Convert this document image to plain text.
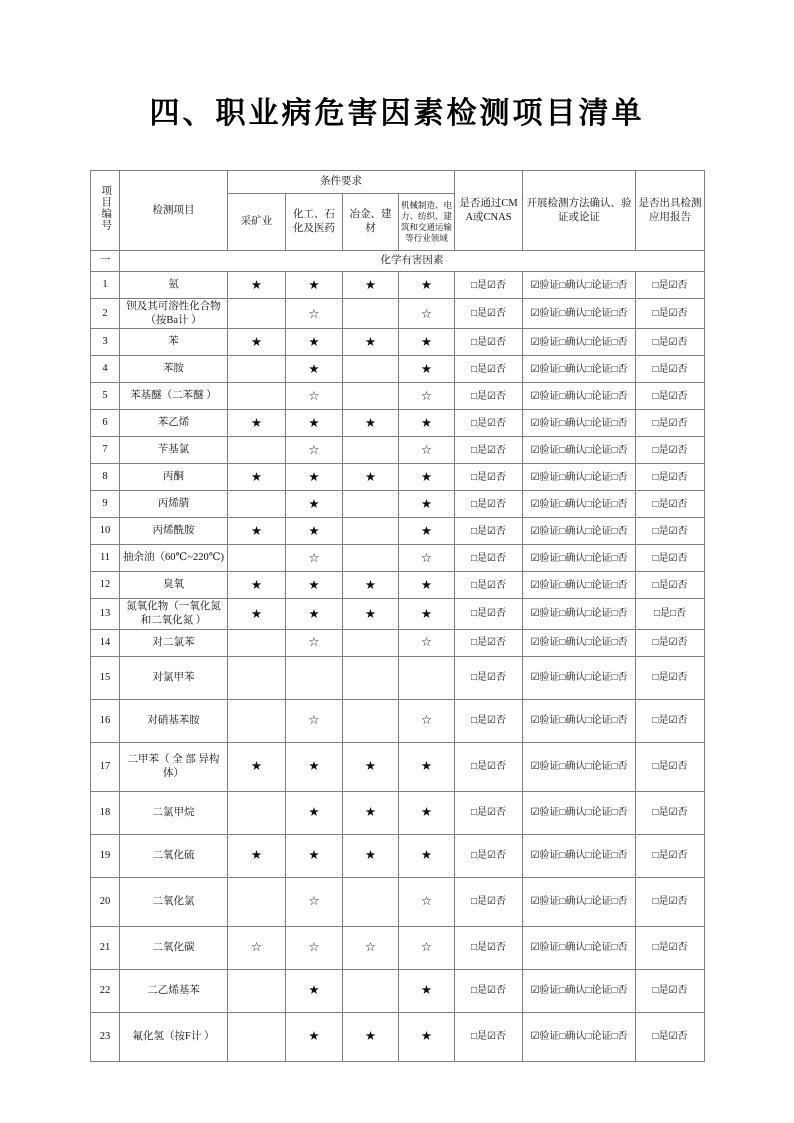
四、职业病危害因素检测项目清单
项目编号	检测项目	条件要求				是否通过CMA或CNAS	开展检测方法确认、验证或论证	是否出具检测应用报告
		采矿业	化工、石化及医药	冶金、建材	机械制造、电力、纺织、建筑和交通运输等行业领域			
一	化学有害因素							
1	氨	★	★	★	★	□是☑否	☑验证□确认□论证□否	□是☑否
2	钡及其可溶性化合物（按Ba计 ）		☆		☆	□是☑否	☑验证□确认□论证□否	□是☑否
3	苯	★	★	★	★	□是☑否	☑验证□确认□论证□否	□是☑否
4	苯胺		★		★	□是☑否	☑验证□确认□论证□否	□是☑否
5	苯基醚（二苯醚 ）		☆		☆	□是☑否	☑验证□确认□论证□否	□是☑否
6	苯乙烯	★	★	★	★	□是☑否	☑验证□确认□论证□否	□是☑否
7	苄基氯		☆		☆	□是☑否	☑验证□确认□论证□否	□是☑否
8	丙酮	★	★	★	★	□是☑否	☑验证□确认□论证□否	□是☑否
9	丙烯腈		★		★	□是☑否	☑验证□确认□论证□否	□是☑否
10	丙烯酰胺	★	★		★	□是☑否	☑验证□确认□论证□否	□是☑否
11	抽余油（60℃~220℃)		☆		☆	□是☑否	☑验证□确认□论证□否	□是☑否
12	臭氧	★	★	★	★	□是☑否	☑验证□确认□论证□否	□是☑否
13	氮氧化物（一氧化氮和二氧化氮 ）	★	★	★	★	□是☑否	☑验证□确认□论证□否	□是□否
14	对二氯苯		☆		☆	□是☑否	☑验证□确认□论证□否	□是☑否
15	对氯甲苯					□是☑否	☑验证□确认□论证□否	□是☑否
16	对硝基苯胺		☆		☆	□是☑否	☑验证□确认□论证□否	□是☑否
17	二甲苯（ 全 部 异构体）	★	★	★	★	□是☑否	☑验证□确认□论证□否	□是☑否
18	二氯甲烷		★	★	★	□是☑否	☑验证□确认□论证□否	□是☑否
19	二氧化硫	★	★	★	★	□是☑否	☑验证□确认□论证□否	□是☑否
20	二氧化氯		☆		☆	□是☑否	☑验证□确认□论证□否	□是☑否
21	二氧化碳	☆	☆	☆	☆	□是☑否	☑验证□确认□论证□否	□是☑否
22	二乙烯基苯		★		★	□是☑否	☑验证□确认□论证□否	□是☑否
23	氟化氢（按F计 ）		★	★	★	□是☑否	☑验证□确认□论证□否	□是☑否
